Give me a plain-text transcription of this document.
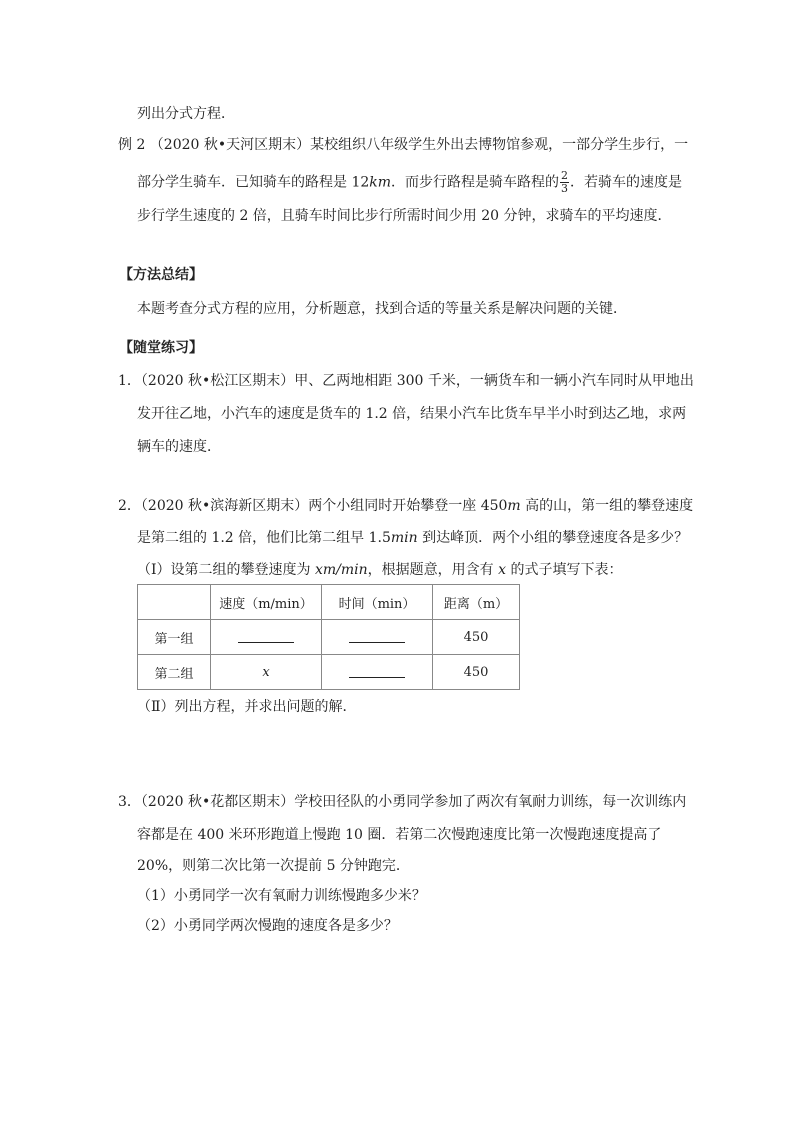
列出分式方程．
例 2 （2020 秋•天河区期末）某校组织八年级学生外出去博物馆参观，一部分学生步行，一
部分学生骑车．已知骑车的路程是 12km．而步行路程是骑车路程的 $\frac{2}{3}$ ．若骑车的速度是
步行学生速度的 2 倍，且骑车时间比步行所需时间少用 20 分钟，求骑车的平均速度．
【方法总结】
本题考查分式方程的应用，分析题意，找到合适的等量关系是解决问题的关键．
【随堂练习】
1．（2020 秋•松江区期末）甲、乙两地相距 300 千米，一辆货车和一辆小汽车同时从甲地出
发开往乙地，小汽车的速度是货车的 1.2 倍，结果小汽车比货车早半小时到达乙地，求两
辆车的速度．
2．（2020 秋•滨海新区期末）两个小组同时开始攀登一座 450m 高的山，第一组的攀登速度
是第二组的 1.2 倍，他们比第二组早 1.5min 到达峰顶．两个小组的攀登速度各是多少？
（Ⅰ）设第二组的攀登速度为 xm/min，根据题意，用含有 x 的式子填写下表：
	速度（m/min）	时间（min）	距离（m）
第一组			450
第二组	x		450
（Ⅱ）列出方程，并求出问题的解．
3．（2020 秋•花都区期末）学校田径队的小勇同学参加了两次有氧耐力训练，每一次训练内
容都是在 400 米环形跑道上慢跑 10 圈．若第二次慢跑速度比第一次慢跑速度提高了
20%，则第二次比第一次提前 5 分钟跑完．
（1）小勇同学一次有氧耐力训练慢跑多少米？
（2）小勇同学两次慢跑的速度各是多少？
